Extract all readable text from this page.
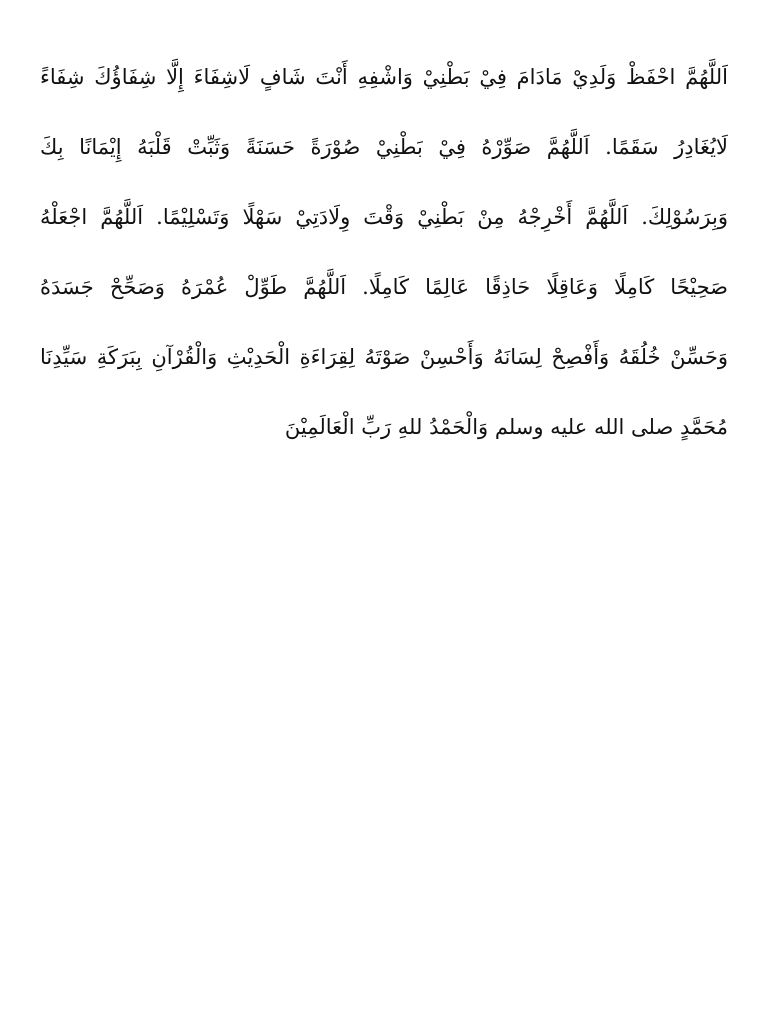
اَللَّهُمَّ احْفَظْ وَلَدِيْ مَادَامَ فِيْ بَطْنِيْ وَاشْفِهِ أَنْتَ شَافٍ لَاشِفَاءَ إِلَّا شِفَاؤُكَ شِفَاءً
لَايُغَادِرُ سَقَمًا. اَللَّهُمَّ صَوِّرْهُ فِيْ بَطْنِيْ صُوْرَةً حَسَنَةً وَثَبِّتْ قَلْبَهُ إِيْمَانًا بِكَ
وَبِرَسُوْلِكَ. اَللَّهُمَّ أَخْرِجْهُ مِنْ بَطْنِيْ وَقْتَ وِلَادَتِيْ سَهْلًا وَتَسْلِيْمًا. اَللَّهُمَّ اجْعَلْهُ
صَحِيْحًا كَامِلًا وَعَاقِلًا حَاذِقًا عَالِمًا كَامِلًا. اَللَّهُمَّ طَوِّلْ عُمْرَهُ وَصَحِّحْ جَسَدَهُ
وَحَسِّنْ خُلُقَهُ وَأَفْصِحْ لِسَانَهُ وَأَحْسِنْ صَوْتَهُ لِقِرَاءَةِ الْحَدِيْثِ وَالْقُرْآنِ بِبَرَكَةِ سَيِّدِنَا
مُحَمَّدٍ صلى الله عليه وسلم وَالْحَمْدُ للهِ رَبِّ الْعَالَمِيْنَ
